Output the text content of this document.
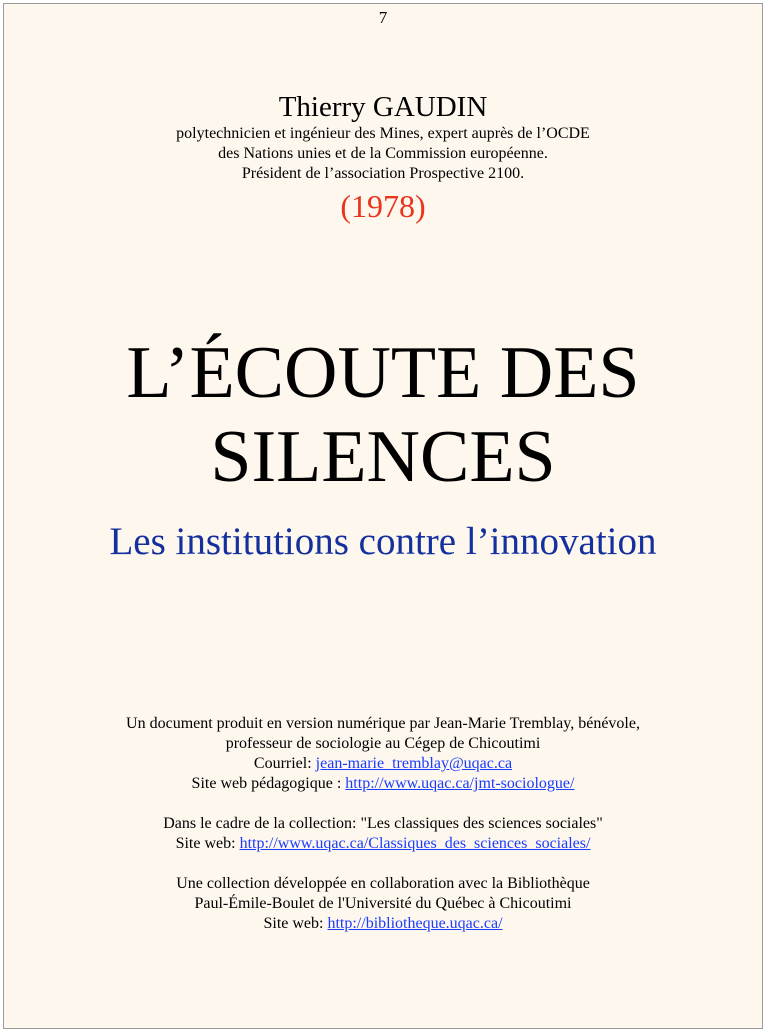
7
Thierry GAUDIN
polytechnicien et ingénieur des Mines, expert auprès de l’OCDE
des Nations unies et de la Commission européenne.
Président de l’association Prospective 2100.
(1978)
L’ÉCOUTE DES
SILENCES
Les institutions contre l’innovation
Un document produit en version numérique par Jean-Marie Tremblay, bénévole,
professeur de sociologie au Cégep de Chicoutimi
Courriel: jean-marie_tremblay@uqac.ca
Site web pédagogique : http://www.uqac.ca/jmt-sociologue/
Dans le cadre de la collection: "Les classiques des sciences sociales"
Site web: http://www.uqac.ca/Classiques_des_sciences_sociales/
Une collection développée en collaboration avec la Bibliothèque
Paul-Émile-Boulet de l'Université du Québec à Chicoutimi
Site web: http://bibliotheque.uqac.ca/
